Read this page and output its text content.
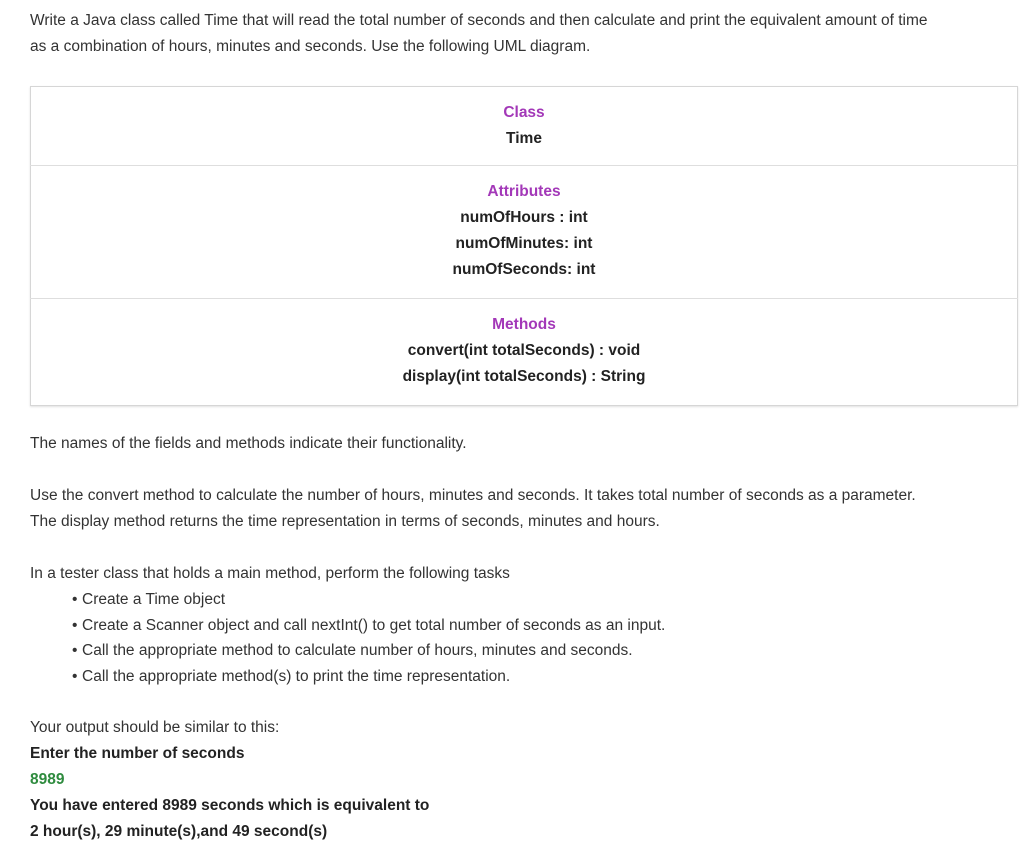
Write a Java class called Time that will read the total number of seconds and then calculate and print the equivalent amount of time

as a combination of hours, minutes and seconds. Use the following UML diagram.

Class
Time

Attributes
numOfHours : int
numOfMinutes: int
numOfSeconds: int

Methods
convert(int totalSeconds) : void
display(int totalSeconds) : String

The names of the fields and methods indicate their functionality.

Use the convert method to calculate the number of hours, minutes and seconds. It takes total number of seconds as a parameter.

The display method returns the time representation in terms of seconds, minutes and hours.

In a tester class that holds a main method, perform the following tasks

• Create a Time object
• Create a Scanner object and call nextInt() to get total number of seconds as an input.
• Call the appropriate method to calculate number of hours, minutes and seconds.
• Call the appropriate method(s) to print the time representation.

Your output should be similar to this:

Enter the number of seconds

8989

You have entered 8989 seconds which is equivalent to

2 hour(s), 29 minute(s),and 49 second(s)
